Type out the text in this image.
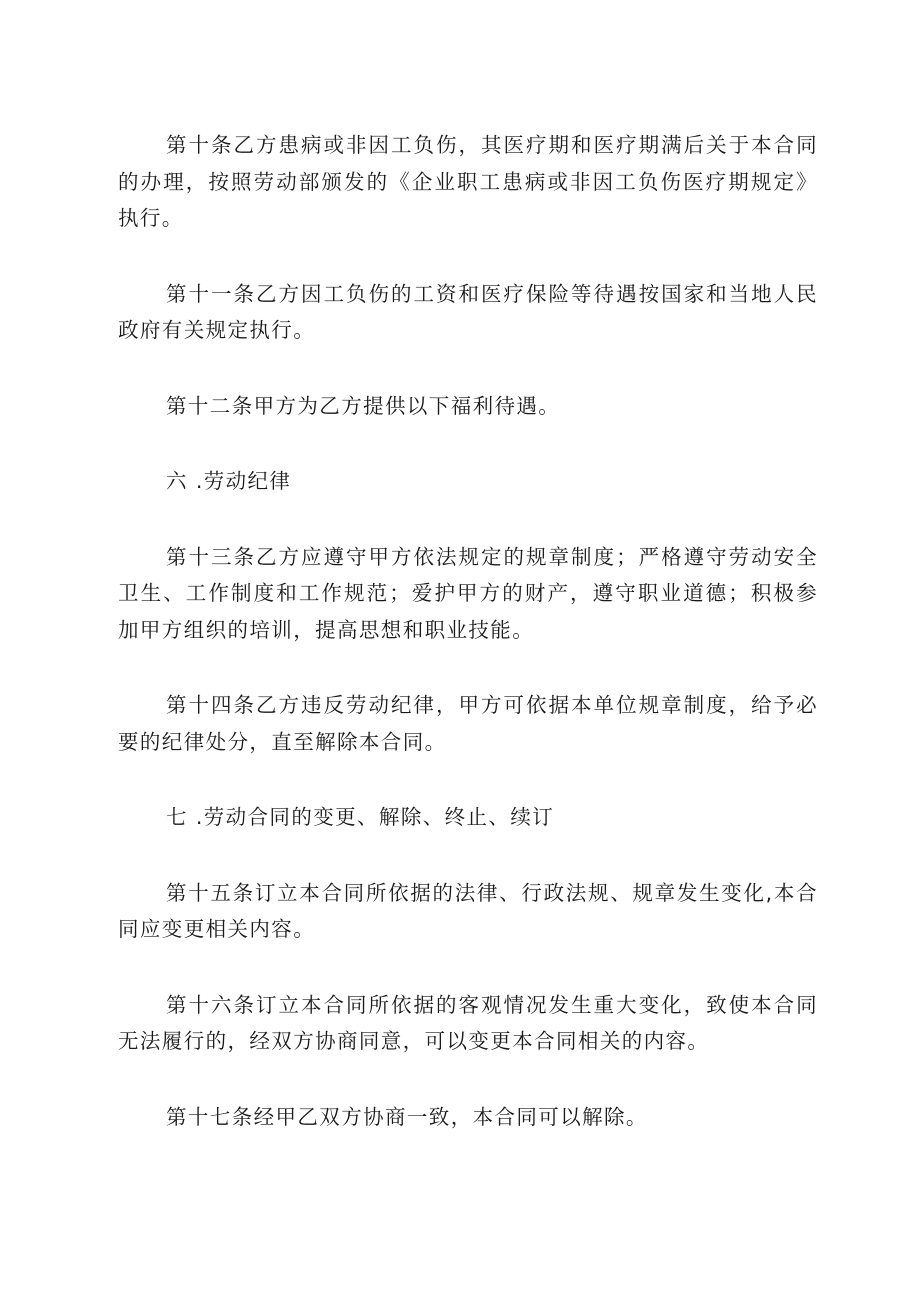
第十条乙方患病或非因工负伤，其医疗期和医疗期满后关于本合同的办理，按照劳动部颁发的《企业职工患病或非因工负伤医疗期规定》执行。

第十一条乙方因工负伤的工资和医疗保险等待遇按国家和当地人民政府有关规定执行。

第十二条甲方为乙方提供以下福利待遇。

六 .劳动纪律

第十三条乙方应遵守甲方依法规定的规章制度；严格遵守劳动安全卫生、工作制度和工作规范；爱护甲方的财产，遵守职业道德；积极参加甲方组织的培训，提高思想和职业技能。

第十四条乙方违反劳动纪律，甲方可依据本单位规章制度，给予必要的纪律处分，直至解除本合同。

七 .劳动合同的变更、解除、终止、续订

第十五条订立本合同所依据的法律、行政法规、规章发生变化,本合同应变更相关内容。

第十六条订立本合同所依据的客观情况发生重大变化，致使本合同无法履行的，经双方协商同意，可以变更本合同相关的内容。

第十七条经甲乙双方协商一致，本合同可以解除。
